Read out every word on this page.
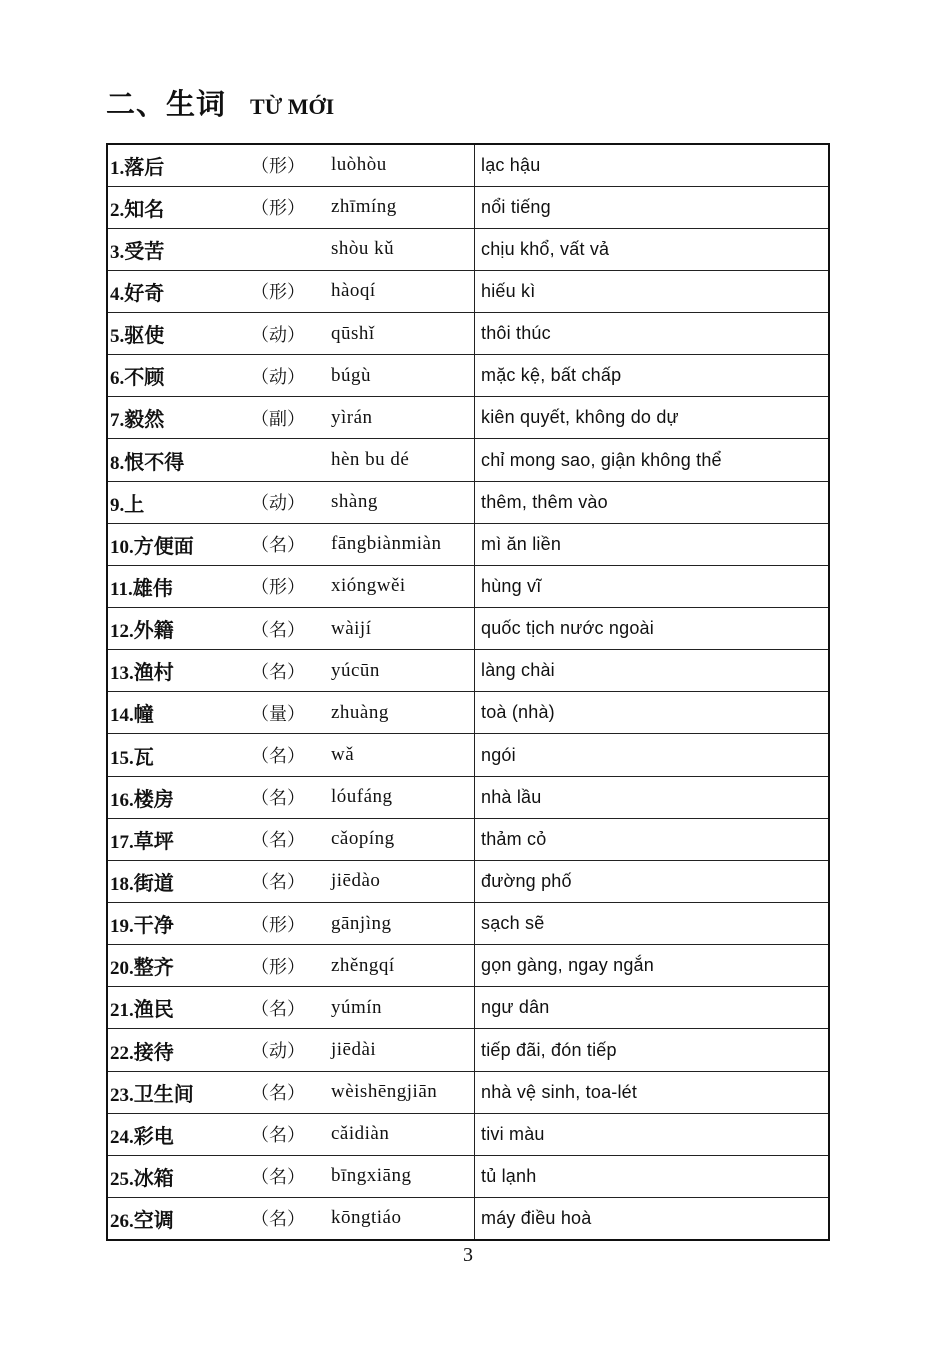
二、生词 TỪ MỚI
1.落后	（形）	luòhòu	lạc hậu
2.知名	（形）	zhīmíng	nổi tiếng
3.受苦		shòu kǔ	chịu khổ, vất vả
4.好奇	（形）	hàoqí	hiếu kì
5.驱使	（动）	qūshǐ	thôi thúc
6.不顾	（动）	búgù	mặc kệ, bất chấp
7.毅然	（副）	yìrán	kiên quyết, không do dự
8.恨不得		hèn bu dé	chỉ mong sao, giận không thể
9.上	（动）	shàng	thêm, thêm vào
10.方便面	（名）	fāngbiànmiàn	mì ăn liền
11.雄伟	（形）	xióngwěi	hùng vĩ
12.外籍	（名）	wàijí	quốc tịch nước ngoài
13.渔村	（名）	yúcūn	làng chài
14.幢	（量）	zhuàng	toà (nhà)
15.瓦	（名）	wǎ	ngói
16.楼房	（名）	lóufáng	nhà lầu
17.草坪	（名）	cǎopíng	thảm cỏ
18.街道	（名）	jiēdào	đường phố
19.干净	（形）	gānjìng	sạch sẽ
20.整齐	（形）	zhěngqí	gọn gàng, ngay ngắn
21.渔民	（名）	yúmín	ngư dân
22.接待	（动）	jiēdài	tiếp đãi, đón tiếp
23.卫生间	（名）	wèishēngjiān	nhà vệ sinh, toa-lét
24.彩电	（名）	cǎidiàn	tivi màu
25.冰箱	（名）	bīngxiāng	tủ lạnh
26.空调	（名）	kōngtiáo	máy điều hoà
3
